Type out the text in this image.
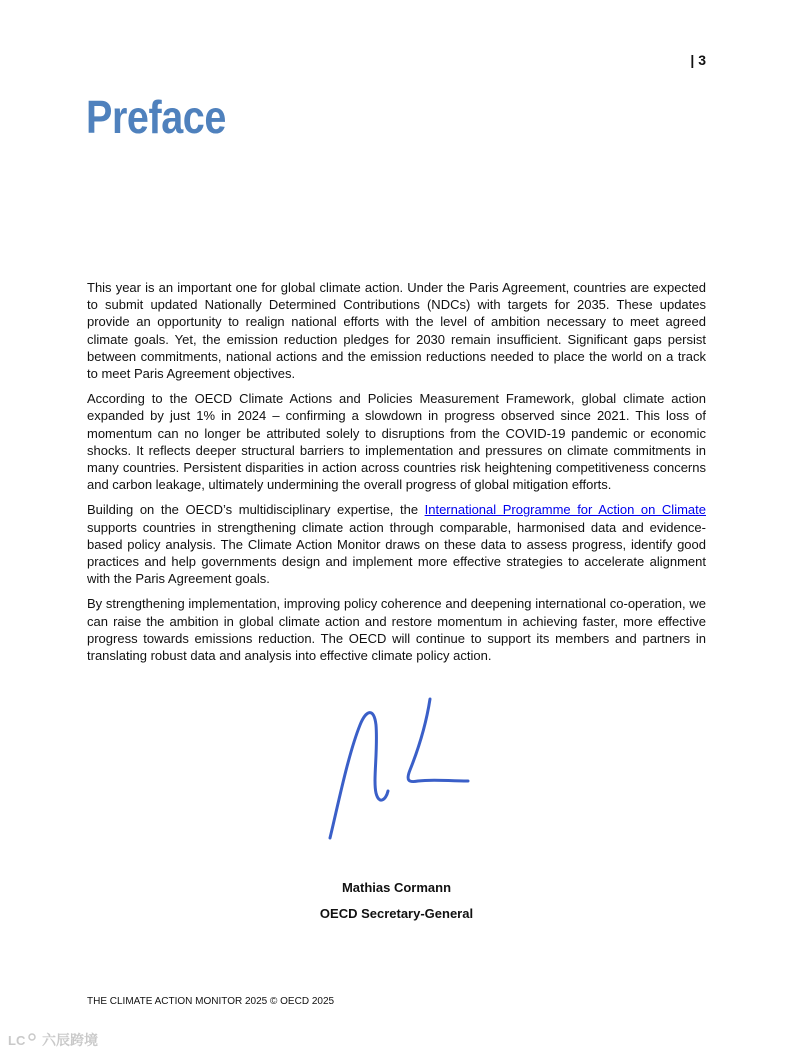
| 3
Preface

This year is an important one for global climate action. Under the Paris Agreement, countries are expected to submit updated Nationally Determined Contributions (NDCs) with targets for 2035. These updates provide an opportunity to realign national efforts with the level of ambition necessary to meet agreed climate goals. Yet, the emission reduction pledges for 2030 remain insufficient. Significant gaps persist between commitments, national actions and the emission reductions needed to place the world on a track to meet Paris Agreement objectives.

According to the OECD Climate Actions and Policies Measurement Framework, global climate action expanded by just 1% in 2024 – confirming a slowdown in progress observed since 2021. This loss of momentum can no longer be attributed solely to disruptions from the COVID-19 pandemic or economic shocks. It reflects deeper structural barriers to implementation and pressures on climate commitments in many countries. Persistent disparities in action across countries risk heightening competitiveness concerns and carbon leakage, ultimately undermining the overall progress of global mitigation efforts.

Building on the OECD’s multidisciplinary expertise, the International Programme for Action on Climate supports countries in strengthening climate action through comparable, harmonised data and evidence-based policy analysis. The Climate Action Monitor draws on these data to assess progress, identify good practices and help governments design and implement more effective strategies to accelerate alignment with the Paris Agreement goals.

By strengthening implementation, improving policy coherence and deepening international co-operation, we can raise the ambition in global climate action and restore momentum in achieving faster, more effective progress towards emissions reduction. The OECD will continue to support its members and partners in translating robust data and analysis into effective climate policy action.

Mathias Cormann
OECD Secretary-General
THE CLIMATE ACTION MONITOR 2025 © OECD 2025
LC 六辰跨境
